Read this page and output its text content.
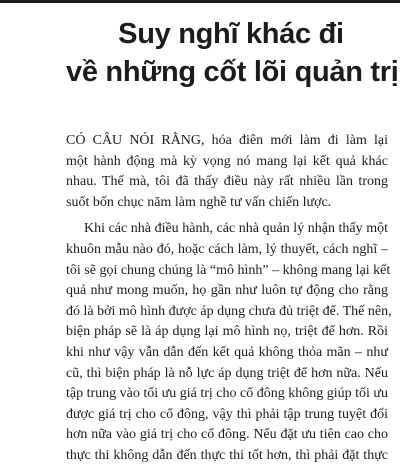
Suy nghĩ khác đi
về những cốt lõi quản trị
CÓ CÂU NÓI RẰNG, hóa điên mới làm đi làm lại
một hành động mà kỳ vọng nó mang lại kết quả khác
nhau. Thế mà, tôi đã thấy điều này rất nhiều lần trong
suốt bốn chục năm làm nghề tư vấn chiến lược.
Khi các nhà điều hành, các nhà quản lý nhận thấy một
khuôn mẫu nào đó, hoặc cách làm, lý thuyết, cách nghĩ –
tôi sẽ gọi chung chúng là “mô hình” – không mang lại kết
quả như mong muốn, họ gần như luôn tự động cho rằng
đó là bởi mô hình được áp dụng chưa đủ triệt để. Thế nên,
biện pháp sẽ là áp dụng lại mô hình nọ, triệt để hơn. Rồi
khi như vậy vẫn dẫn đến kết quả không thỏa mãn – như
cũ, thì biện pháp là nỗ lực áp dụng triệt để hơn nữa. Nếu
tập trung vào tối ưu giá trị cho cổ đông không giúp tối ưu
được giá trị cho cổ đông, vậy thì phải tập trung tuyệt đối
hơn nữa vào giá trị cho cổ đông. Nếu đặt ưu tiên cao cho
thực thi không dẫn đến thực thi tốt hơn, thì phải đặt thực
